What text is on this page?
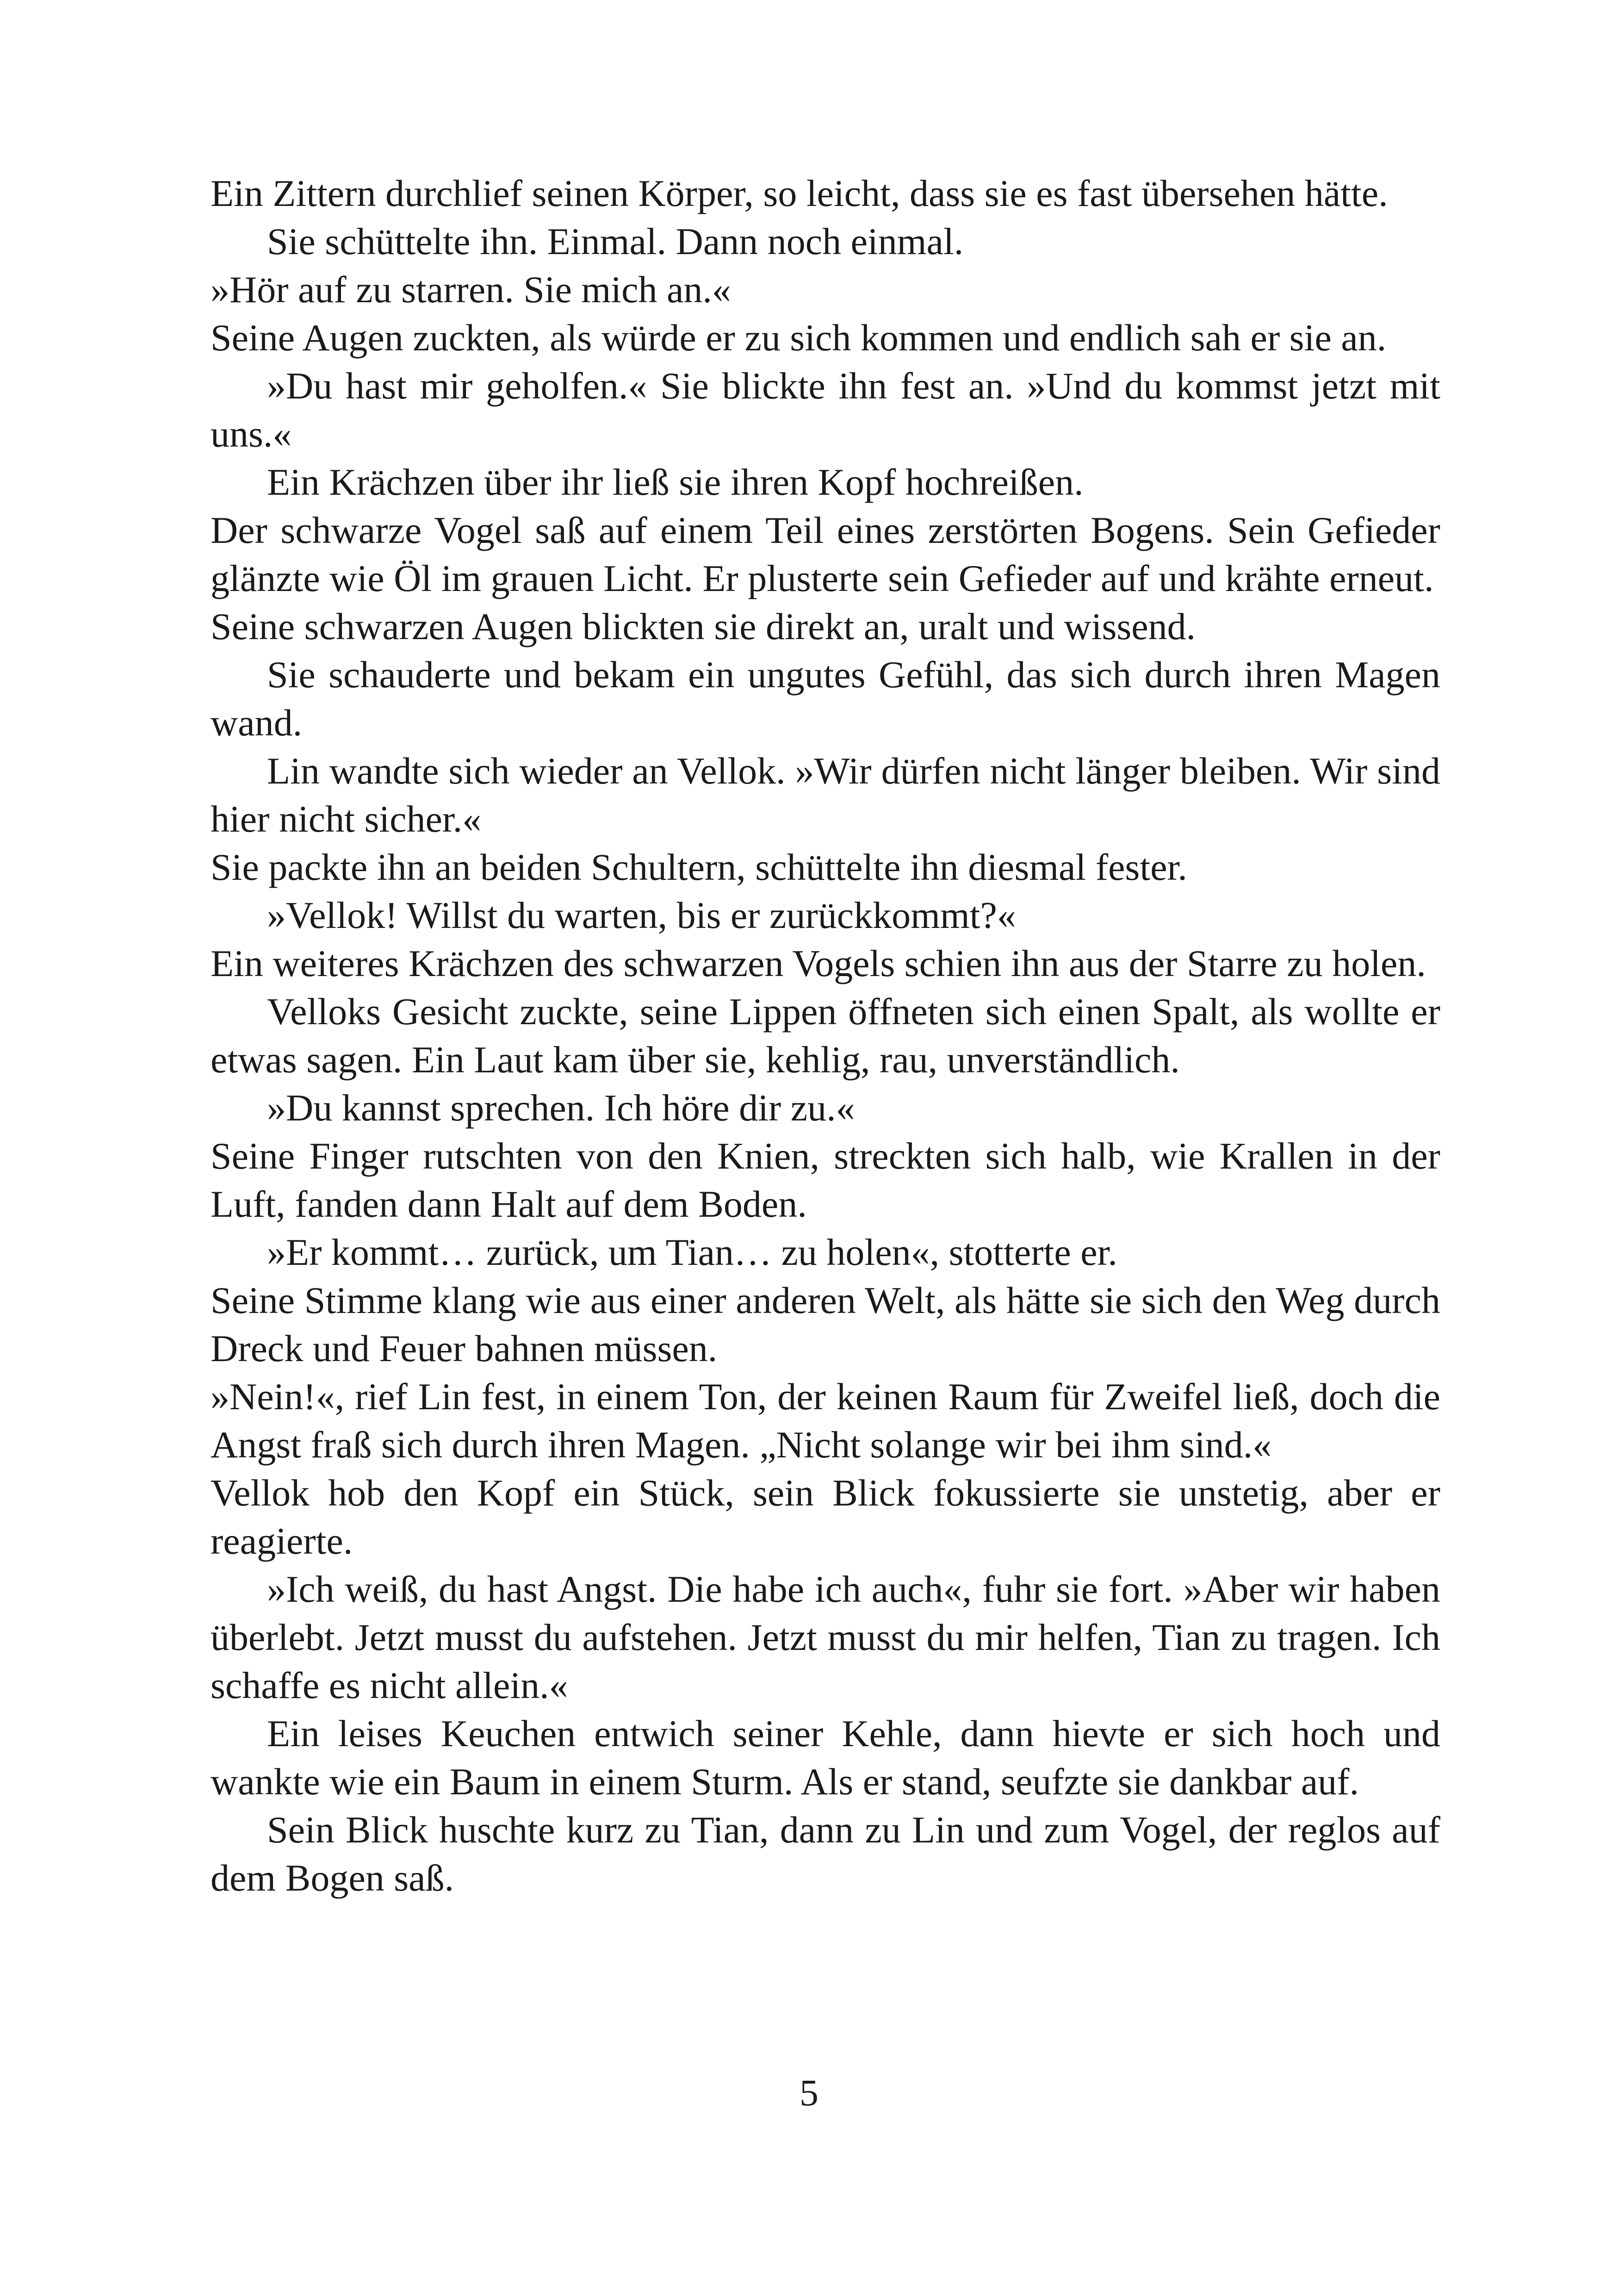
Ein Zittern durchlief seinen Körper, so leicht, dass sie es fast übersehen hätte.

Sie schüttelte ihn. Einmal. Dann noch einmal.

»Hör auf zu starren. Sie mich an.«

Seine Augen zuckten, als würde er zu sich kommen und endlich sah er sie an.

»Du hast mir geholfen.« Sie blickte ihn fest an. »Und du kommst jetzt mit uns.«

Ein Krächzen über ihr ließ sie ihren Kopf hochreißen.

Der schwarze Vogel saß auf einem Teil eines zerstörten Bogens. Sein Gefieder glänzte wie Öl im grauen Licht. Er plusterte sein Gefieder auf und krähte erneut.

Seine schwarzen Augen blickten sie direkt an, uralt und wissend.

Sie schauderte und bekam ein ungutes Gefühl, das sich durch ihren Magen wand.

Lin wandte sich wieder an Vellok. »Wir dürfen nicht länger bleiben. Wir sind hier nicht sicher.«

Sie packte ihn an beiden Schultern, schüttelte ihn diesmal fester.

»Vellok! Willst du warten, bis er zurückkommt?«

Ein weiteres Krächzen des schwarzen Vogels schien ihn aus der Starre zu holen.

Velloks Gesicht zuckte, seine Lippen öffneten sich einen Spalt, als wollte er etwas sagen. Ein Laut kam über sie, kehlig, rau, unverständlich.

»Du kannst sprechen. Ich höre dir zu.«

Seine Finger rutschten von den Knien, streckten sich halb, wie Krallen in der Luft, fanden dann Halt auf dem Boden.

»Er kommt… zurück, um Tian… zu holen«, stotterte er.

Seine Stimme klang wie aus einer anderen Welt, als hätte sie sich den Weg durch Dreck und Feuer bahnen müssen.

»Nein!«, rief Lin fest, in einem Ton, der keinen Raum für Zweifel ließ, doch die Angst fraß sich durch ihren Magen. „Nicht solange wir bei ihm sind.«

Vellok hob den Kopf ein Stück, sein Blick fokussierte sie unstetig, aber er reagierte.

»Ich weiß, du hast Angst. Die habe ich auch«, fuhr sie fort. »Aber wir haben überlebt. Jetzt musst du aufstehen. Jetzt musst du mir helfen, Tian zu tragen. Ich schaffe es nicht allein.«

Ein leises Keuchen entwich seiner Kehle, dann hievte er sich hoch und wankte wie ein Baum in einem Sturm. Als er stand, seufzte sie dankbar auf.

Sein Blick huschte kurz zu Tian, dann zu Lin und zum Vogel, der reglos auf dem Bogen saß.

5
